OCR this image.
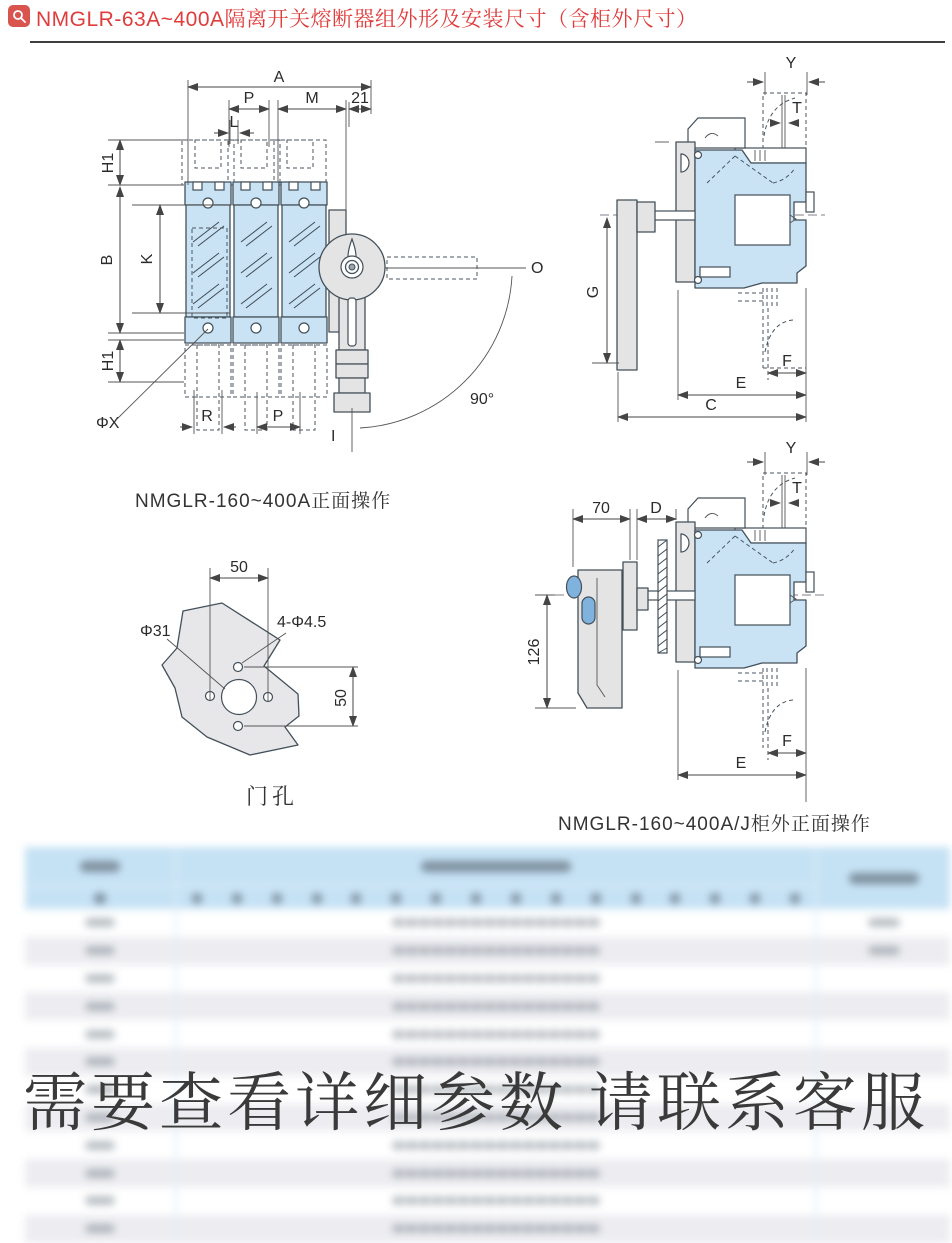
NMGLR-63A~400A隔离开关熔断器组外形及安装尺寸（含柜外尺寸）
A
P	M 21
L
H1
B K
H1
ΦX	R	P
O
90°
I
NMGLR-160~400A正面操作
Y
T
G
F
E
C
50
50
Φ31
4-Φ4.5
门孔
70	D
Y
T
126
F
E
NMGLR-160~400A/J柜外正面操作
需要查看详细参数 请联系客服
